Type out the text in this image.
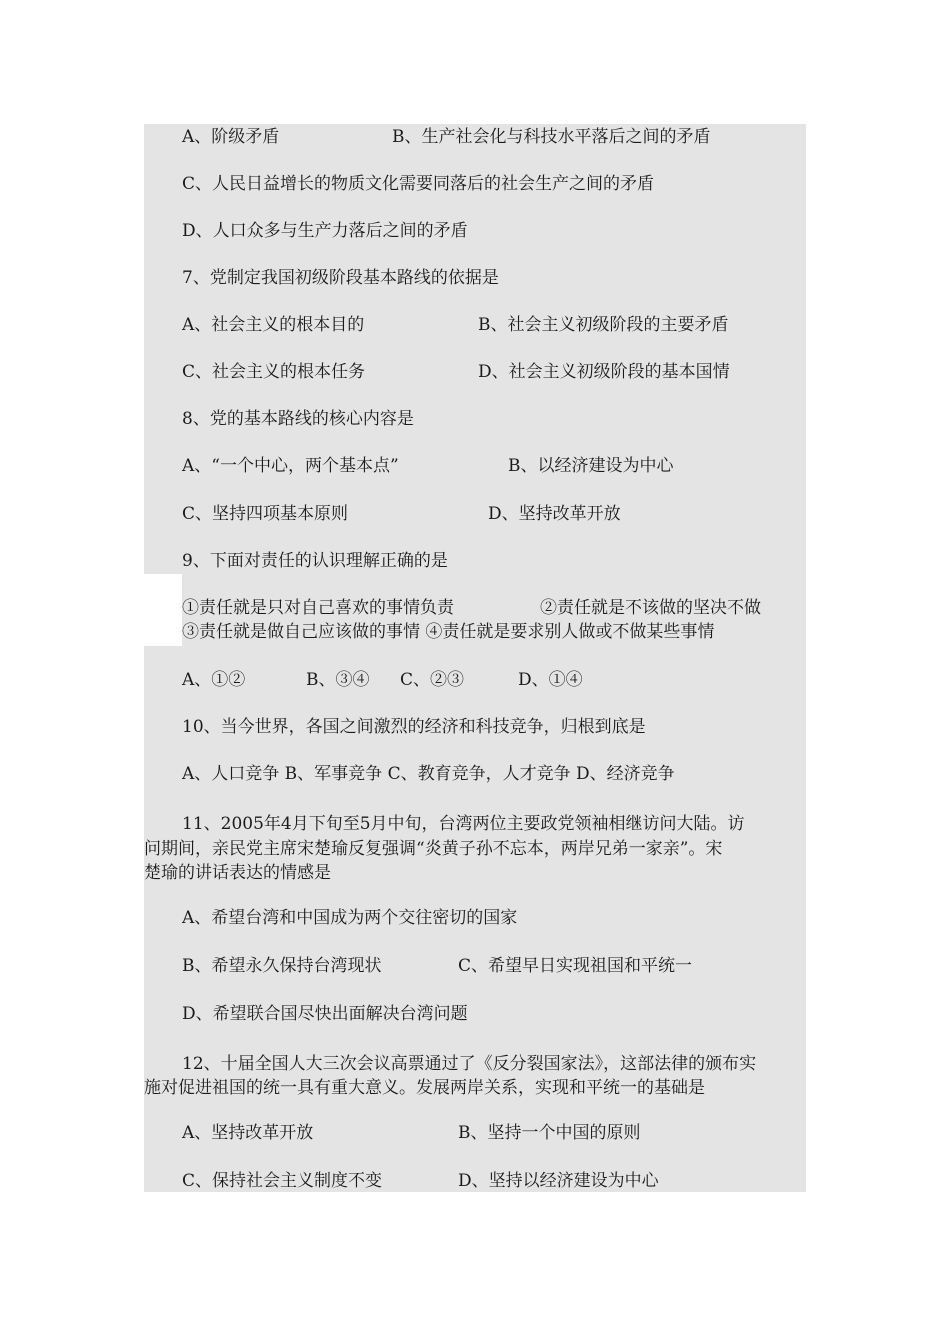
A、阶级矛盾	B、生产社会化与科技水平落后之间的矛盾
C、人民日益增长的物质文化需要同落后的社会生产之间的矛盾
D、人口众多与生产力落后之间的矛盾
7、党制定我国初级阶段基本路线的依据是
A、社会主义的根本目的	B、社会主义初级阶段的主要矛盾
C、社会主义的根本任务	D、社会主义初级阶段的基本国情
8、党的基本路线的核心内容是
A、“一个中心，两个基本点”	B、以经济建设为中心
C、坚持四项基本原则	D、坚持改革开放
9、下面对责任的认识理解正确的是
①责任就是只对自己喜欢的事情负责	②责任就是不该做的坚决不做
③责任就是做自己应该做的事情 ④责任就是要求别人做或不做某些事情
A、①②	B、③④ C、②③	D、①④
10、当今世界，各国之间激烈的经济和科技竞争，归根到底是
A、人口竞争 B、军事竞争 C、教育竞争，人才竞争 D、经济竞争
11、2005年4月下旬至5月中旬，台湾两位主要政党领袖相继访问大陆。访
问期间，亲民党主席宋楚瑜反复强调“炎黄子孙不忘本，两岸兄弟一家亲”。宋
楚瑜的讲话表达的情感是
A、希望台湾和中国成为两个交往密切的国家
B、希望永久保持台湾现状	C、希望早日实现祖国和平统一
D、希望联合国尽快出面解决台湾问题
12、十届全国人大三次会议高票通过了《反分裂国家法》，这部法律的颁布实
施对促进祖国的统一具有重大意义。发展两岸关系，实现和平统一的基础是
A、坚持改革开放	B、坚持一个中国的原则
C、保持社会主义制度不变	D、坚持以经济建设为中心
